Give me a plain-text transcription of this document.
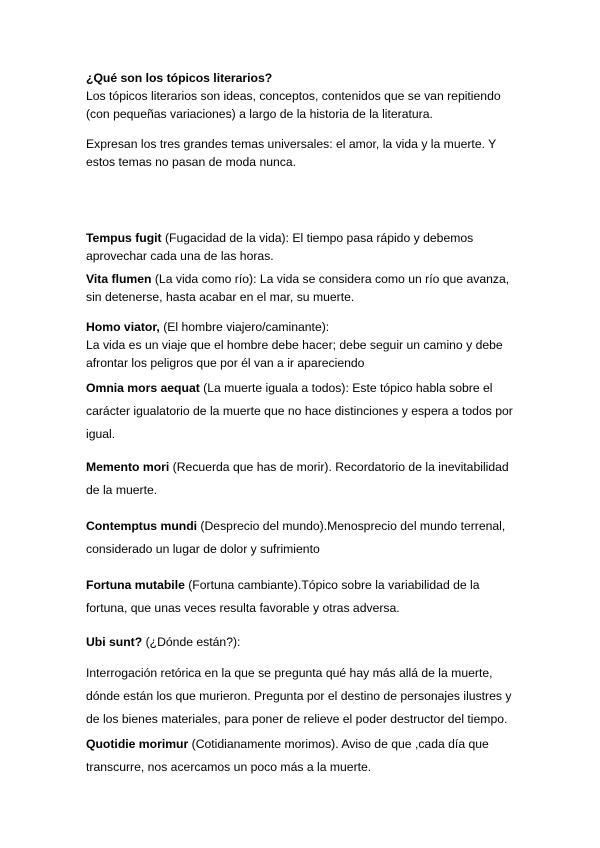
¿Qué son los tópicos literarios?

Los tópicos literarios son ideas, conceptos, contenidos que se van repitiendo

(con pequeñas variaciones) a largo de la historia de la literatura.

Expresan los tres grandes temas universales: el amor, la vida y la muerte. Y

estos temas no pasan de moda nunca.

Tempus fugit (Fugacidad de la vida): El tiempo pasa rápido y debemos

aprovechar cada una de las horas.

Vita flumen (La vida como río): La vida se considera como un río que avanza,

sin detenerse, hasta acabar en el mar, su muerte.

Homo viator, (El hombre viajero/caminante):

La vida es un viaje que el hombre debe hacer; debe seguir un camino y debe

afrontar los peligros que por él van a ir apareciendo

Omnia mors aequat (La muerte iguala a todos): Este tópico habla sobre el

carácter igualatorio de la muerte que no hace distinciones y espera a todos por

igual.

Memento mori (Recuerda que has de morir). Recordatorio de la inevitabilidad

de la muerte.

Contemptus mundi (Desprecio del mundo).Menosprecio del mundo terrenal,

considerado un lugar de dolor y sufrimiento

Fortuna mutabile (Fortuna cambiante).Tópico sobre la variabilidad de la

fortuna, que unas veces resulta favorable y otras adversa.

Ubi sunt? (¿Dónde están?):

Interrogación retórica en la que se pregunta qué hay más allá de la muerte,

dónde están los que murieron. Pregunta por el destino de personajes ilustres y

de los bienes materiales, para poner de relieve el poder destructor del tiempo.

Quotidie morimur (Cotidianamente morimos). Aviso de que ,cada día que

transcurre, nos acercamos un poco más a la muerte.
